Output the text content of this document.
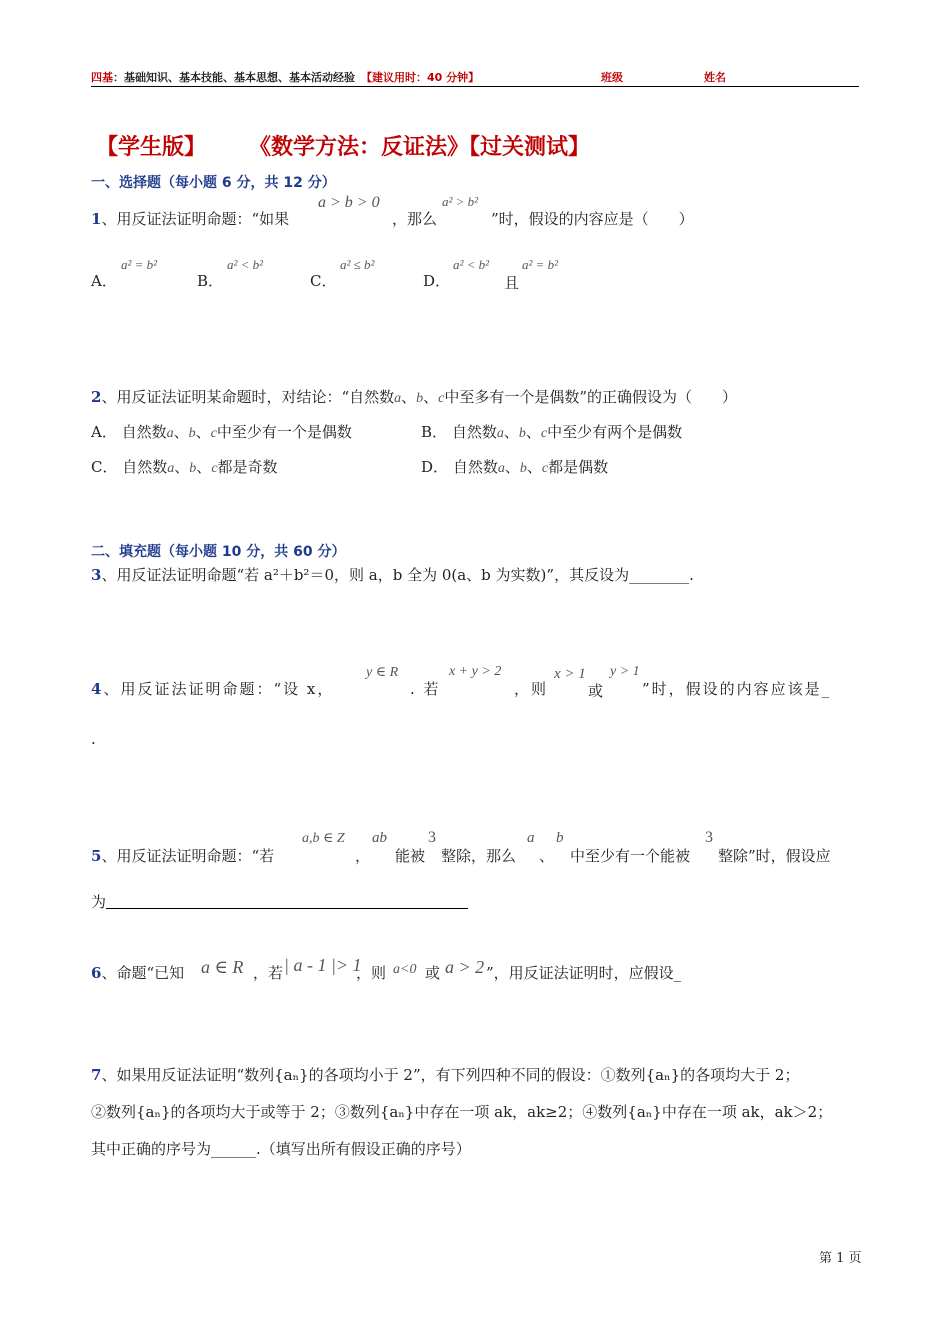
四基：基础知识、基本技能、基本思想、基本活动经验 【建议用时：40 分钟】	班级	姓名
【学生版】 《数学方法：反证法》【过关测试】
一、选择题（每小题 6 分，共 12 分）
1、用反证法证明命题：“如果
a > b > 0
，那么
a² > b²
”时，假设的内容应是（　　）
A．
a² = b²
B．
a² < b²
C．
a² ≤ b²
D．
a² < b²
且
a² = b²
2、用反证法证明某命题时，对结论：“自然数a、b、c中至多有一个是偶数”的正确假设为（　　）
A． 自然数a、b、c中至少有一个是偶数	B． 自然数a、b、c中至少有两个是偶数
C． 自然数a、b、c都是奇数	D． 自然数a、b、c都是偶数
二、填充题（每小题 10 分，共 60 分）
3、用反证法证明命题“若 a²＋b²＝0，则 a，b 全为 0(a、b 为实数)”，其反设为________.
4、用反证法证明命题：“设 x，
y ∈ R
. 若
x + y > 2
，则
x > 1
或
y > 1
”时，假设的内容应该是_
.
5、用反证法证明命题：“若
a,b ∈ Z
，
ab
能被
3
整除，那么
a
、
b
中至少有一个能被
3
整除”时，假设应
为
6、命题“已知 a ∈ R ，若 | a - 1 |> 1
，则 a<0 或 a > 2 ”，用反证法证明时，应假设_
7、如果用反证法证明“数列{aₙ}的各项均小于 2”，有下列四种不同的假设：①数列{aₙ}的各项均大于 2；
②数列{aₙ}的各项均大于或等于 2；③数列{aₙ}中存在一项 ak，ak≥2；④数列{aₙ}中存在一项 ak，ak＞2；
其中正确的序号为______.（填写出所有假设正确的序号）
第 1 页
